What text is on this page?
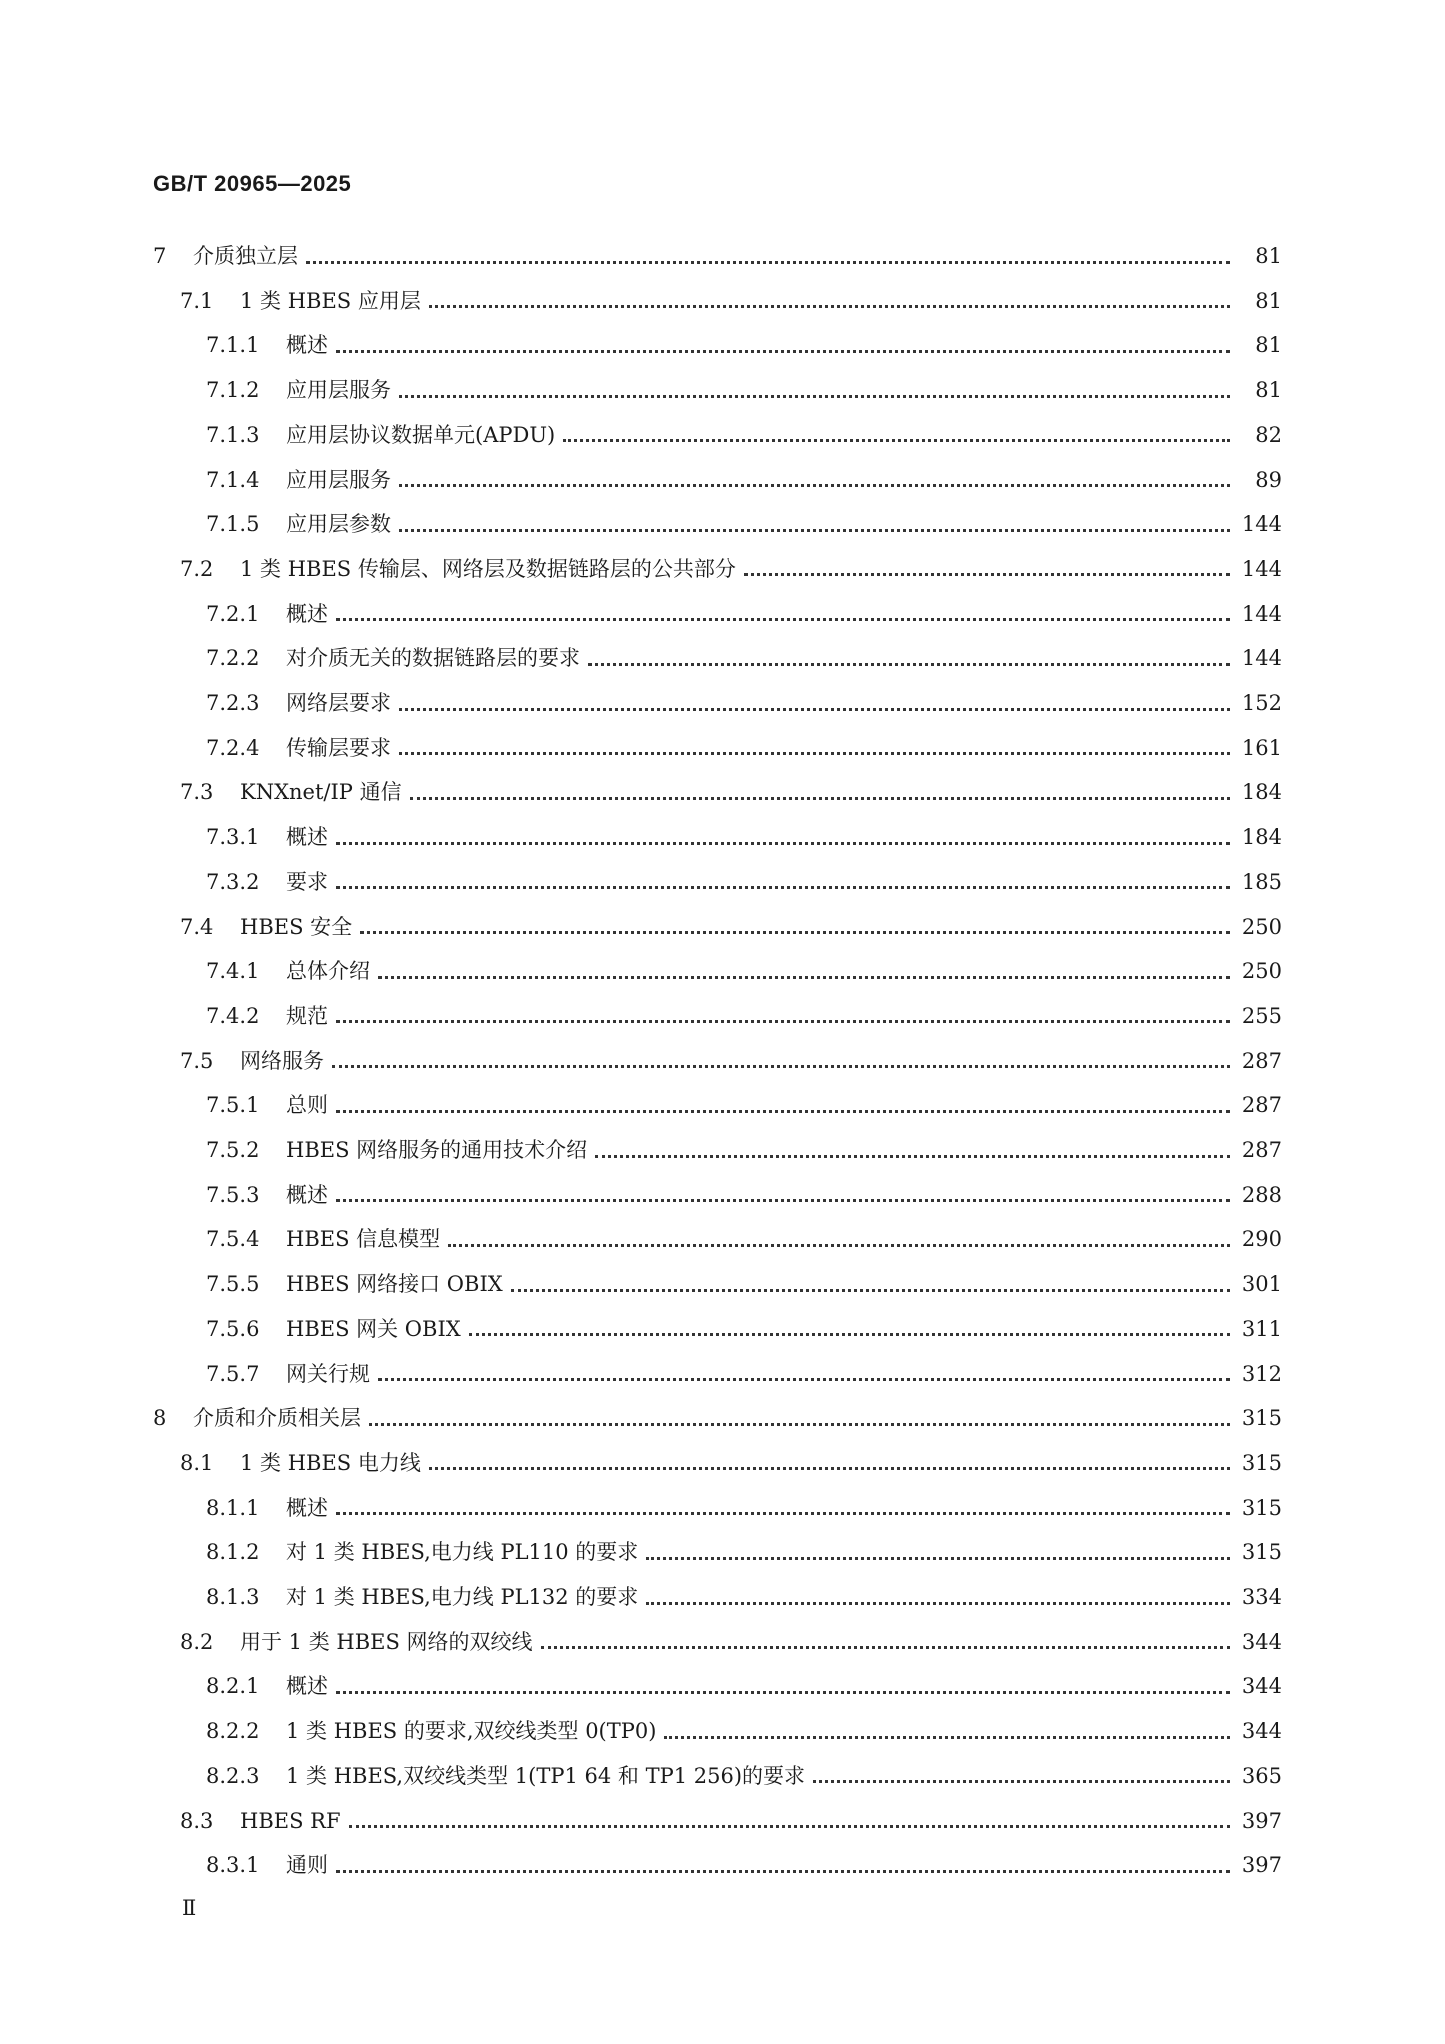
GB/T 20965—2025
7	介质独立层	81
7.1	1 类 HBES 应用层	81
7.1.1	概述	81
7.1.2	应用层服务	81
7.1.3	应用层协议数据单元(APDU)	82
7.1.4	应用层服务	89
7.1.5	应用层参数	144
7.2	1 类 HBES 传输层、网络层及数据链路层的公共部分	144
7.2.1	概述	144
7.2.2	对介质无关的数据链路层的要求	144
7.2.3	网络层要求	152
7.2.4	传输层要求	161
7.3	KNXnet/IP 通信	184
7.3.1	概述	184
7.3.2	要求	185
7.4	HBES 安全	250
7.4.1	总体介绍	250
7.4.2	规范	255
7.5	网络服务	287
7.5.1	总则	287
7.5.2	HBES 网络服务的通用技术介绍	287
7.5.3	概述	288
7.5.4	HBES 信息模型	290
7.5.5	HBES 网络接口 OBIX	301
7.5.6	HBES 网关 OBIX	311
7.5.7	网关行规	312
8	介质和介质相关层	315
8.1	1 类 HBES 电力线	315
8.1.1	概述	315
8.1.2	对 1 类 HBES,电力线 PL110 的要求	315
8.1.3	对 1 类 HBES,电力线 PL132 的要求	334
8.2	用于 1 类 HBES 网络的双绞线	344
8.2.1	概述	344
8.2.2	1 类 HBES 的要求,双绞线类型 0(TP0)	344
8.2.3	1 类 HBES,双绞线类型 1(TP1 64 和 TP1 256)的要求	365
8.3	HBES RF	397
8.3.1	通则	397
Ⅱ
